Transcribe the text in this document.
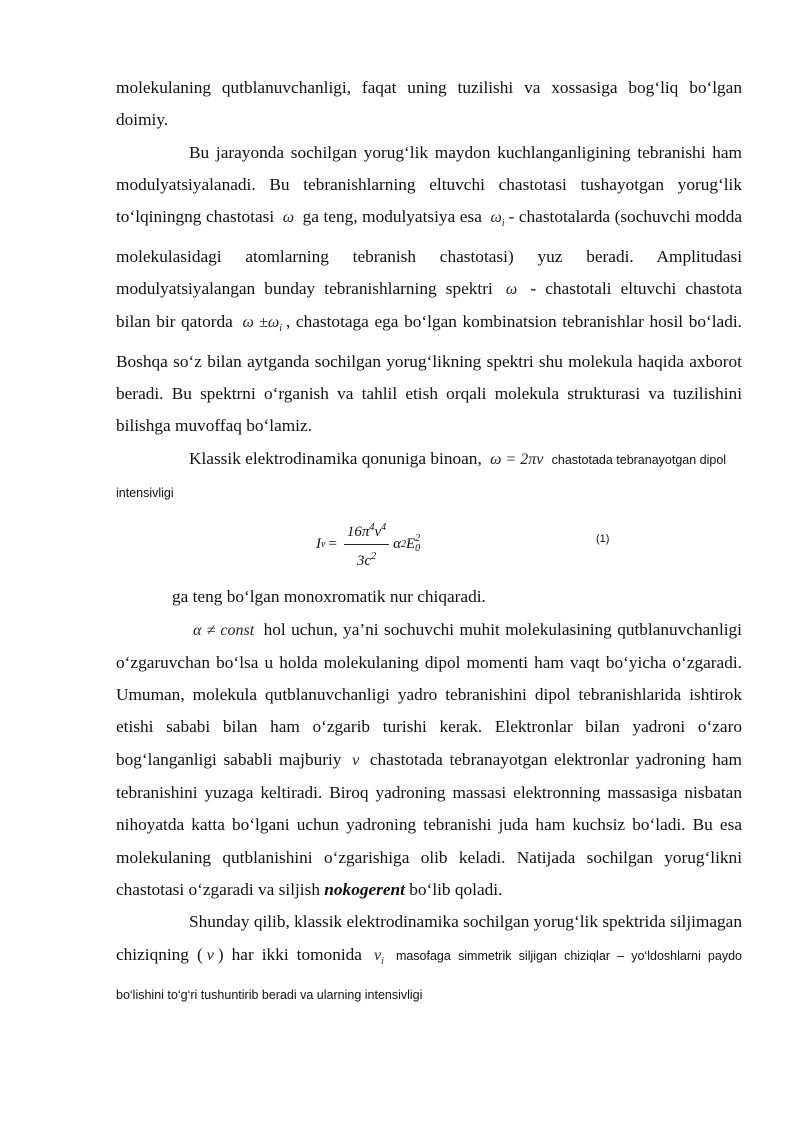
molekulaning qutblanuvchanligi, faqat uning tuzilishi va xossasiga bog‘liq bo‘lgan doimiy.

Bu jarayonda sochilgan yorug‘lik maydon kuchlanganligining tebranishi ham modulyatsiyalanadi. Bu tebranishlarning eltuvchi chastotasi tushayotgan yorug‘lik to‘lqiningng chastotasi ω ga teng, modulyatsiya esa $\omega_i$ - chastotalarda (sochuvchi modda molekulasidagi atomlarning tebranish chastotasi) yuz beradi. Amplitudasi modulyatsiyalangan bunday tebranishlarning spektri ω - chastotali eltuvchi chastota bilan bir qatorda $\omega \pm\omega_i$ , chastotaga ega bo‘lgan kombinatsion tebranishlar hosil bo‘ladi. Boshqa so‘z bilan aytganda sochilgan yorug‘likning spektri shu molekula haqida axborot beradi. Bu spektrni o‘rganish va tahlil etish orqali molekula strukturasi va tuzilishini bilishga muvoffaq bo‘lamiz.

Klassik elektrodinamika qonuniga binoan, ω = 2πν chastotada tebranayotgan dipol intensivligi

I $\nu = \frac{16\pi^4\nu^4}{3c^2}$ α 2 E 2
0
(1)

ga teng bo‘lgan monoxromatik nur chiqaradi.

α ≠ const hol uchun, ya’ni sochuvchi muhit molekulasining qutblanuvchanligi o‘zgaruvchan bo‘lsa u holda molekulaning dipol momenti ham vaqt bo‘yicha o‘zgaradi. Umuman, molekula qutblanuvchanligi yadro tebranishini dipol tebranishlarida ishtirok etishi sababi bilan ham o‘zgarib turishi kerak. Elektronlar bilan yadroni o‘zaro bog‘langanligi sababli majburiy ν chastotada tebranayotgan elektronlar yadroning ham tebranishini yuzaga keltiradi. Biroq yadroning massasi elektronning massasiga nisbatan nihoyatda katta bo‘lgani uchun yadroning tebranishi juda ham kuchsiz bo‘ladi. Bu esa molekulaning qutblanishini o‘zgarishiga olib keladi. Natijada sochilgan yorug‘likni chastotasi o‘zgaradi va siljish nokogerent bo‘lib qoladi.

Shunday qilib, klassik elektrodinamika sochilgan yorug‘lik spektrida siljimagan chiziqning ( ν ) har ikki tomonida $\nu_i$ masofaga simmetrik siljigan chiziqlar – yo‘ldoshlarni paydo bo‘lishini to‘g‘ri tushuntirib beradi va ularning intensivligi
